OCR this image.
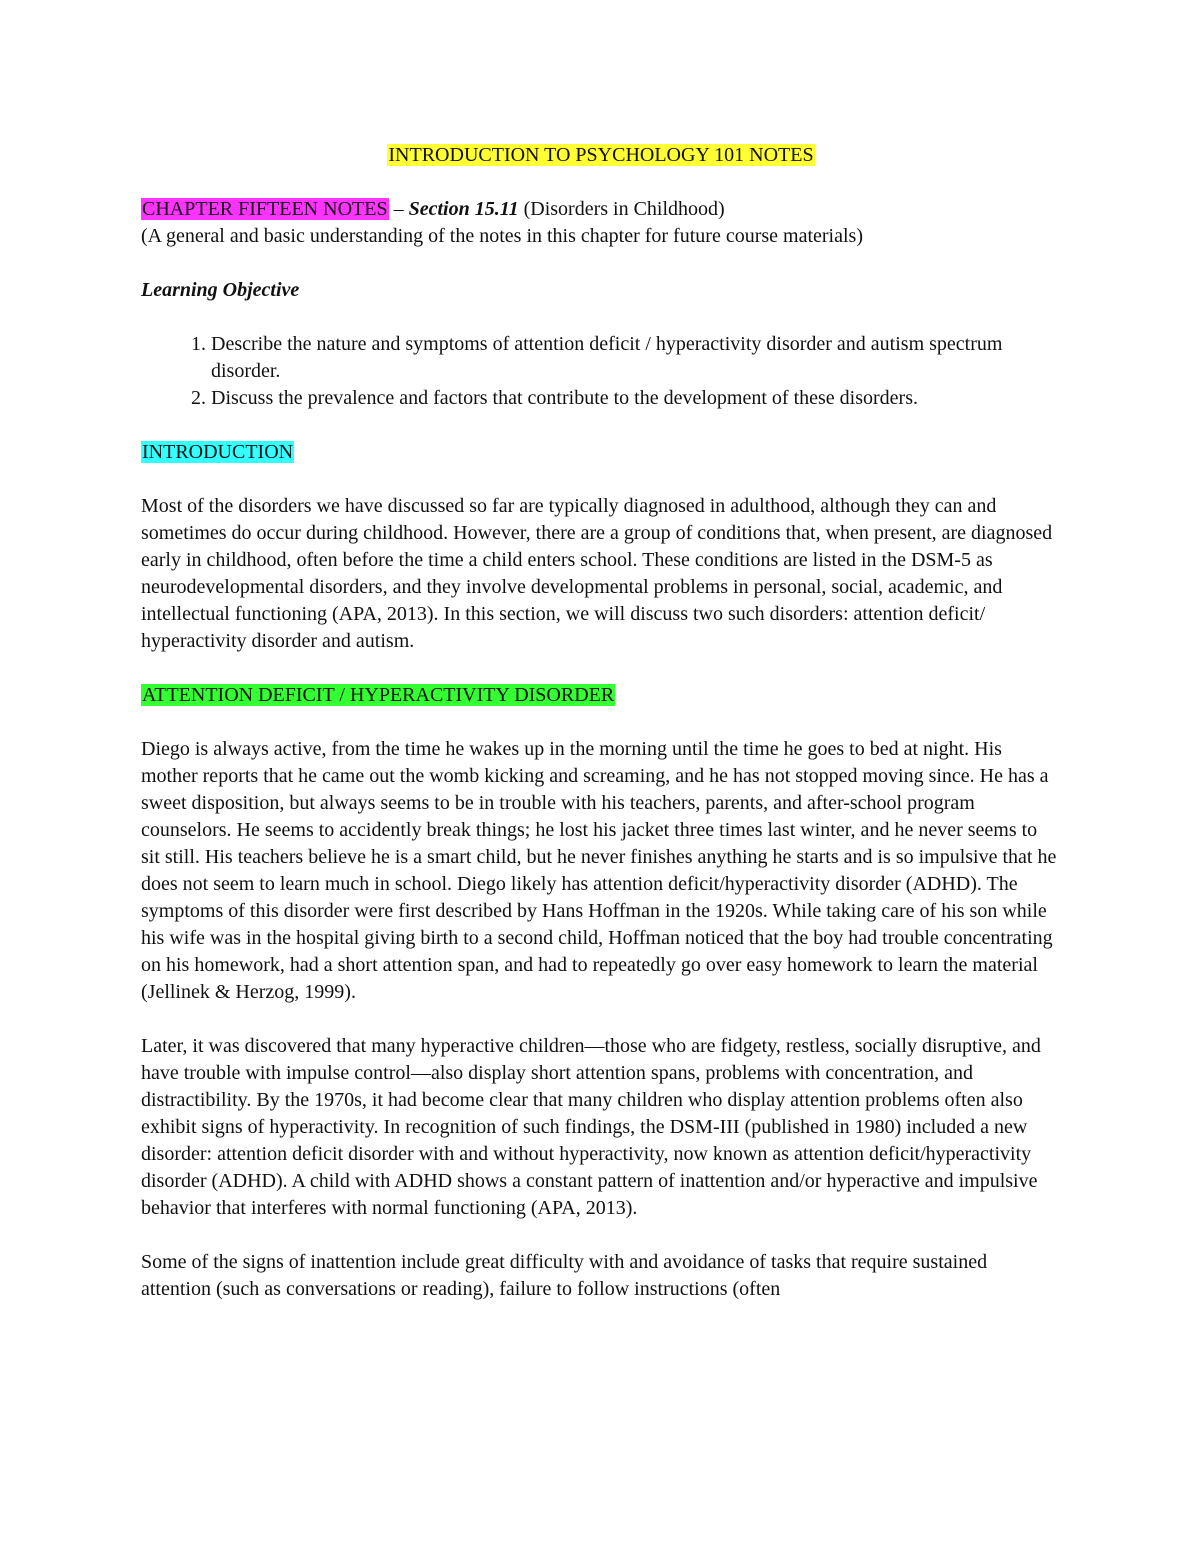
INTRODUCTION TO PSYCHOLOGY 101 NOTES
CHAPTER FIFTEEN NOTES – Section 15.11 (Disorders in Childhood)

(A general and basic understanding of the notes in this chapter for future course materials)

Learning Objective
1. Describe the nature and symptoms of attention deficit / hyperactivity disorder and autism spectrum disorder.
2. Discuss the prevalence and factors that contribute to the development of these disorders.
INTRODUCTION

Most of the disorders we have discussed so far are typically diagnosed in adulthood, although they can and sometimes do occur during childhood. However, there are a group of conditions that, when present, are diagnosed early in childhood, often before the time a child enters school. These conditions are listed in the DSM-5 as neurodevelopmental disorders, and they involve developmental problems in personal, social, academic, and intellectual functioning (APA, 2013). In this section, we will discuss two such disorders: attention deficit/ hyperactivity disorder and autism.

ATTENTION DEFICIT / HYPERACTIVITY DISORDER

Diego is always active, from the time he wakes up in the morning until the time he goes to bed at night. His mother reports that he came out the womb kicking and screaming, and he has not stopped moving since. He has a sweet disposition, but always seems to be in trouble with his teachers, parents, and after-school program counselors. He seems to accidently break things; he lost his jacket three times last winter, and he never seems to sit still. His teachers believe he is a smart child, but he never finishes anything he starts and is so impulsive that he does not seem to learn much in school. Diego likely has attention deficit/hyperactivity disorder (ADHD). The symptoms of this disorder were first described by Hans Hoffman in the 1920s. While taking care of his son while his wife was in the hospital giving birth to a second child, Hoffman noticed that the boy had trouble concentrating on his homework, had a short attention span, and had to repeatedly go over easy homework to learn the material (Jellinek & Herzog, 1999).

Later, it was discovered that many hyperactive children—those who are fidgety, restless, socially disruptive, and have trouble with impulse control—also display short attention spans, problems with concentration, and distractibility. By the 1970s, it had become clear that many children who display attention problems often also exhibit signs of hyperactivity. In recognition of such findings, the DSM-III (published in 1980) included a new disorder: attention deficit disorder with and without hyperactivity, now known as attention deficit/hyperactivity disorder (ADHD). A child with ADHD shows a constant pattern of inattention and/or hyperactive and impulsive behavior that interferes with normal functioning (APA, 2013).

Some of the signs of inattention include great difficulty with and avoidance of tasks that require sustained attention (such as conversations or reading), failure to follow instructions (often
